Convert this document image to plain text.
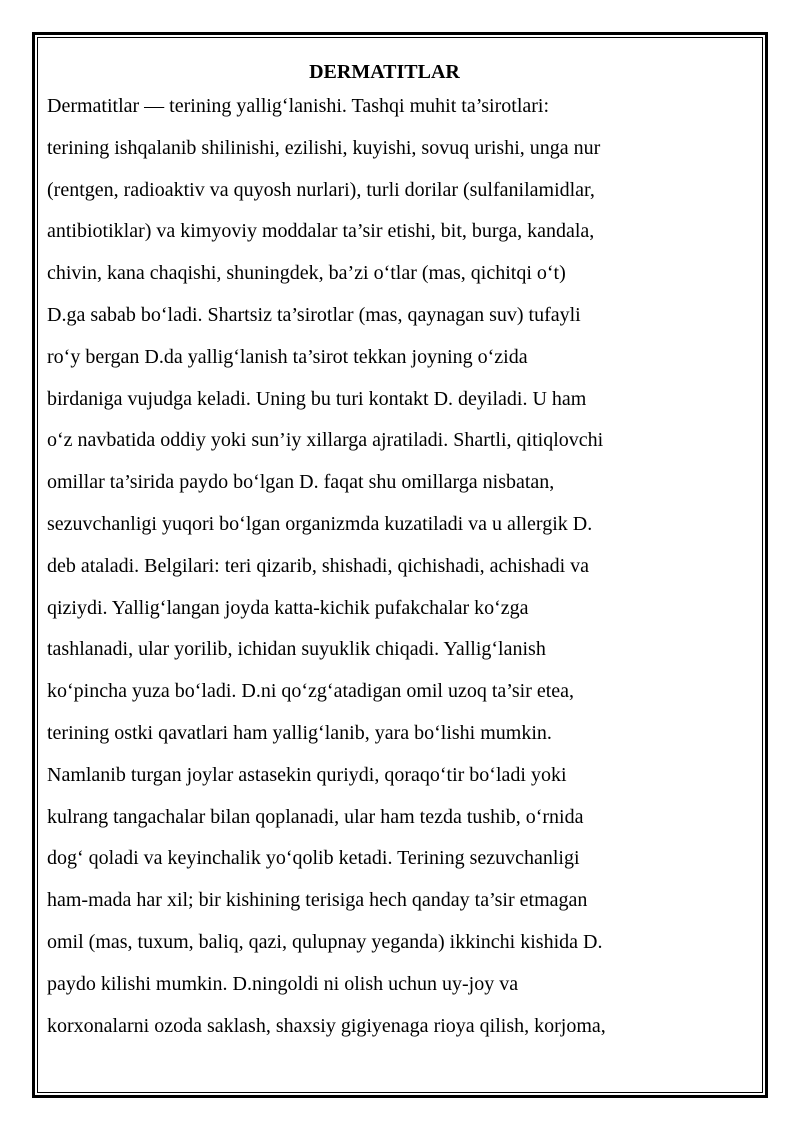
DERMATITLAR
Dermatitlar — terining yallig‘lanishi. Tashqi muhit ta’sirotlari:
terining ishqalanib shilinishi, ezilishi, kuyishi, sovuq urishi, unga nur
(rentgen, radioaktiv va quyosh nurlari), turli dorilar (sulfanilamidlar,
antibiotiklar) va kimyoviy moddalar ta’sir etishi, bit, burga, kandala,
chivin, kana chaqishi, shuningdek, ba’zi o‘tlar (mas, qichitqi o‘t)
D.ga sabab bo‘ladi. Shartsiz ta’sirotlar (mas, qaynagan suv) tufayli
ro‘y bergan D.da yallig‘lanish ta’sirot tekkan joyning o‘zida
birdaniga vujudga keladi. Uning bu turi kontakt D. deyiladi. U ham
o‘z navbatida oddiy yoki sun’iy xillarga ajratiladi. Shartli, qitiqlovchi
omillar ta’sirida paydo bo‘lgan D. faqat shu omillarga nisbatan,
sezuvchanligi yuqori bo‘lgan organizmda kuzatiladi va u allergik D.
deb ataladi. Belgilari: teri qizarib, shishadi, qichishadi, achishadi va
qiziydi. Yallig‘langan joyda katta-kichik pufakchalar ko‘zga
tashlanadi, ular yorilib, ichidan suyuklik chiqadi. Yallig‘lanish
ko‘pincha yuza bo‘ladi. D.ni qo‘zg‘atadigan omil uzoq ta’sir etea,
terining ostki qavatlari ham yallig‘lanib, yara bo‘lishi mumkin.
Namlanib turgan joylar astasekin quriydi, qoraqo‘tir bo‘ladi yoki
kulrang tangachalar bilan qoplanadi, ular ham tezda tushib, o‘rnida
dog‘ qoladi va keyinchalik yo‘qolib ketadi. Terining sezuvchanligi
ham-mada har xil; bir kishining terisiga hech qanday ta’sir etmagan
omil (mas, tuxum, baliq, qazi, qulupnay yeganda) ikkinchi kishida D.
paydo kilishi mumkin. D.ningoldi ni olish uchun uy-joy va
korxonalarni ozoda saklash, shaxsiy gigiyenaga rioya qilish, korjoma,
